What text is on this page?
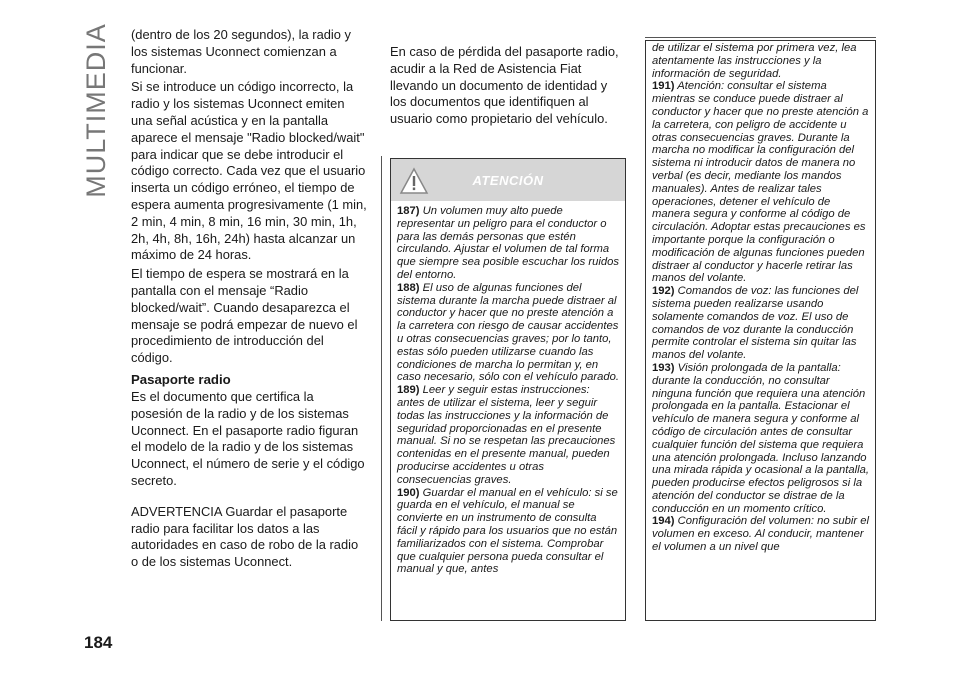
MULTIMEDIA
184

(dentro de los 20 segundos), la radio y los sistemas Uconnect comienzan a funcionar.

Si se introduce un código incorrecto, la radio y los sistemas Uconnect emiten una señal acústica y en la pantalla aparece el mensaje "Radio blocked/wait" para indicar que se debe introducir el código correcto. Cada vez que el usuario inserta un código erróneo, el tiempo de espera aumenta progresivamente (1 min, 2 min, 4 min, 8 min, 16 min, 30 min, 1h, 2h, 4h, 8h, 16h, 24h) hasta alcanzar un máximo de 24 horas.

El tiempo de espera se mostrará en la pantalla con el mensaje “Radio blocked/wait”. Cuando desaparezca el mensaje se podrá empezar de nuevo el procedimiento de introducción del código.

Pasaporte radio

Es el documento que certifica la posesión de la radio y de los sistemas Uconnect. En el pasaporte radio figuran el modelo de la radio y de los sistemas Uconnect, el número de serie y el código secreto.

ADVERTENCIA Guardar el pasaporte radio para facilitar los datos a las autoridades en caso de robo de la radio o de los sistemas Uconnect.

En caso de pérdida del pasaporte radio, acudir a la Red de Asistencia Fiat llevando un documento de identidad y los documentos que identifiquen al usuario como propietario del vehículo.

ATENCIÓN

187) Un volumen muy alto puede representar un peligro para el conductor o para las demás personas que estén circulando. Ajustar el volumen de tal forma que siempre sea posible escuchar los ruidos del entorno.

188) El uso de algunas funciones del sistema durante la marcha puede distraer al conductor y hacer que no preste atención a la carretera con riesgo de causar accidentes u otras consecuencias graves; por lo tanto, estas sólo pueden utilizarse cuando las condiciones de marcha lo permitan y, en caso necesario, sólo con el vehículo parado.

189) Leer y seguir estas instrucciones: antes de utilizar el sistema, leer y seguir todas las instrucciones y la información de seguridad proporcionadas en el presente manual. Si no se respetan las precauciones contenidas en el presente manual, pueden producirse accidentes u otras consecuencias graves.

190) Guardar el manual en el vehículo: si se guarda en el vehículo, el manual se convierte en un instrumento de consulta fácil y rápido para los usuarios que no están familiarizados con el sistema. Comprobar que cualquier persona pueda consultar el manual y que, antes

de utilizar el sistema por primera vez, lea atentamente las instrucciones y la información de seguridad.

191) Atención: consultar el sistema mientras se conduce puede distraer al conductor y hacer que no preste atención a la carretera, con peligro de accidente u otras consecuencias graves. Durante la marcha no modificar la configuración del sistema ni introducir datos de manera no verbal (es decir, mediante los mandos manuales). Antes de realizar tales operaciones, detener el vehículo de manera segura y conforme al código de circulación. Adoptar estas precauciones es importante porque la configuración o modificación de algunas funciones pueden distraer al conductor y hacerle retirar las manos del volante.

192) Comandos de voz: las funciones del sistema pueden realizarse usando solamente comandos de voz. El uso de comandos de voz durante la conducción permite controlar el sistema sin quitar las manos del volante.

193) Visión prolongada de la pantalla: durante la conducción, no consultar ninguna función que requiera una atención prolongada en la pantalla. Estacionar el vehículo de manera segura y conforme al código de circulación antes de consultar cualquier función del sistema que requiera una atención prolongada. Incluso lanzando una mirada rápida y ocasional a la pantalla, pueden producirse efectos peligrosos si la atención del conductor se distrae de la conducción en un momento crítico.

194) Configuración del volumen: no subir el volumen en exceso. Al conducir, mantener el volumen a un nivel que
